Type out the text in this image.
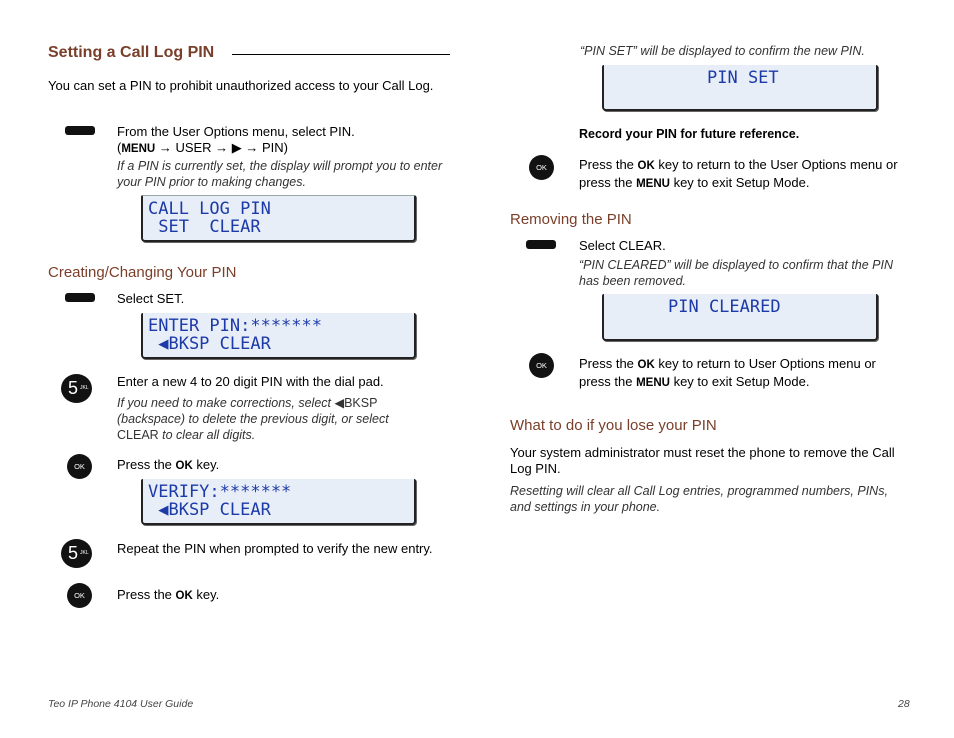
Setting a Call Log PIN
You can set a PIN to prohibit unauthorized access to your Call Log.
From the User Options menu, select PIN.
(MENU → USER → ▶ → PIN)
If a PIN is currently set, the display will prompt you to enter your PIN prior to making changes.
CALL LOG PIN
SET  CLEAR
Creating/Changing Your PIN
Select SET.
ENTER PIN:*******
◀BKSP CLEAR
5 JKL Enter a new 4 to 20 digit PIN with the dial pad.
If you need to make corrections, select ◀BKSP (backspace) to delete the previous digit, or select CLEAR to clear all digits.
OK	Press the OK key.
VERIFY:*******
◀BKSP CLEAR
5 JKL Repeat the PIN when prompted to verify the new entry.
OK	Press the OK key.
“PIN SET” will be displayed to confirm the new PIN.
PIN SET
Record your PIN for future reference.
OK	Press the OK key to return to the User Options menu or press the MENU key to exit Setup Mode.
Removing the PIN
Select CLEAR.
“PIN CLEARED” will be displayed to confirm that the PIN has been removed.
PIN CLEARED
OK	Press the OK key to return to User Options menu or press the MENU key to exit Setup Mode.
What to do if you lose your PIN
Your system administrator must reset the phone to remove the Call Log PIN.
Resetting will clear all Call Log entries, programmed numbers, PINs, and settings in your phone.
Teo IP Phone 4104 User Guide	28
